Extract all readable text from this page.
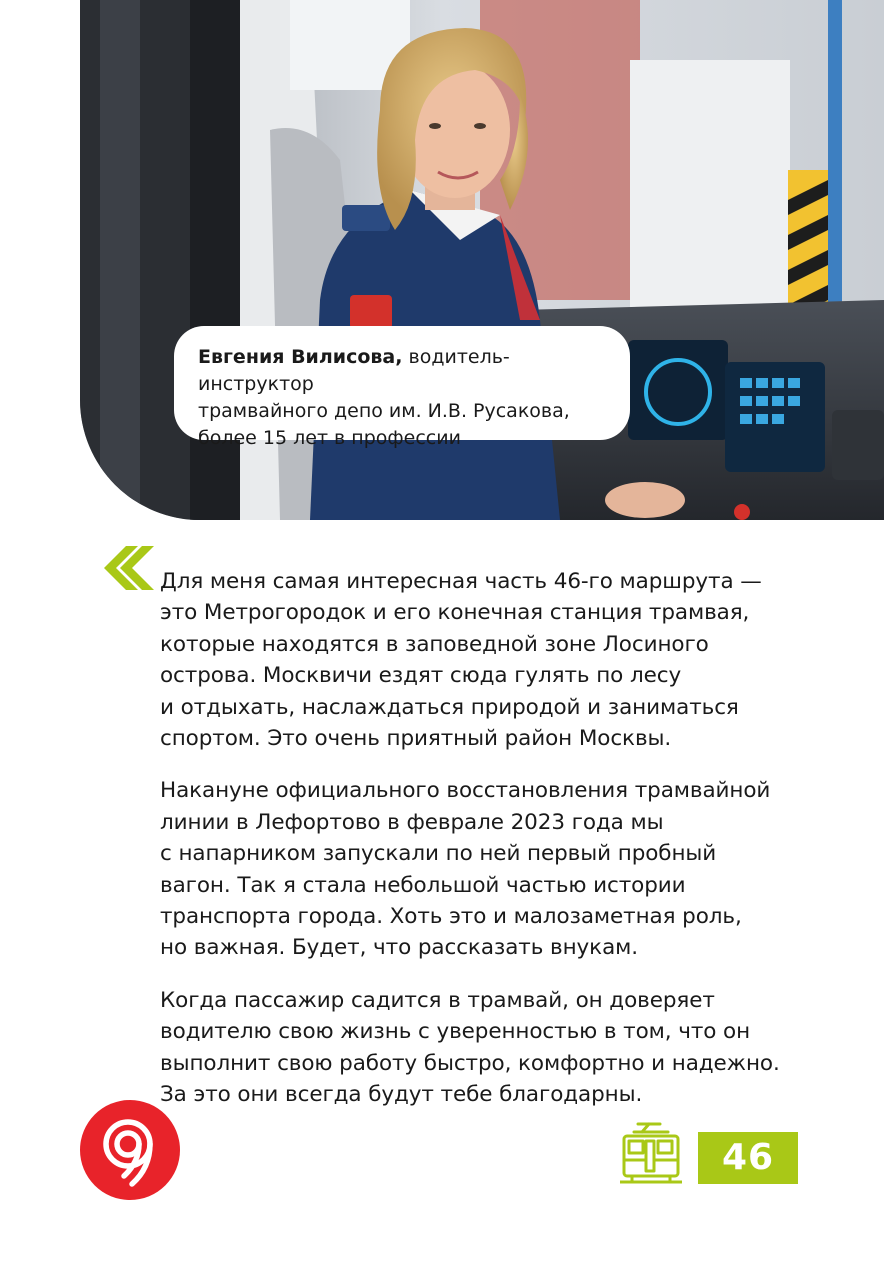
Евгения Вилисова, водитель-инструктор
трамвайного депо им. И.В. Русакова,
более 15 лет в профессии

Для меня самая интересная часть 46-го маршрута —
это Метрогородок и его конечная станция трамвая,
которые находятся в заповедной зоне Лосиного
острова. Москвичи ездят сюда гулять по лесу
и отдыхать, наслаждаться природой и заниматься
спортом. Это очень приятный район Москвы.

Накануне официального восстановления трамвайной
линии в Лефортово в феврале 2023 года мы
с напарником запускали по ней первый пробный
вагон. Так я стала небольшой частью истории
транспорта города. Хоть это и малозаметная роль,
но важная. Будет, что рассказать внукам.

Когда пассажир садится в трамвай, он доверяет
водителю свою жизнь с уверенностью в том, что он
выполнит свою работу быстро, комфортно и надежно.
За это они всегда будут тебе благодарны.

46
